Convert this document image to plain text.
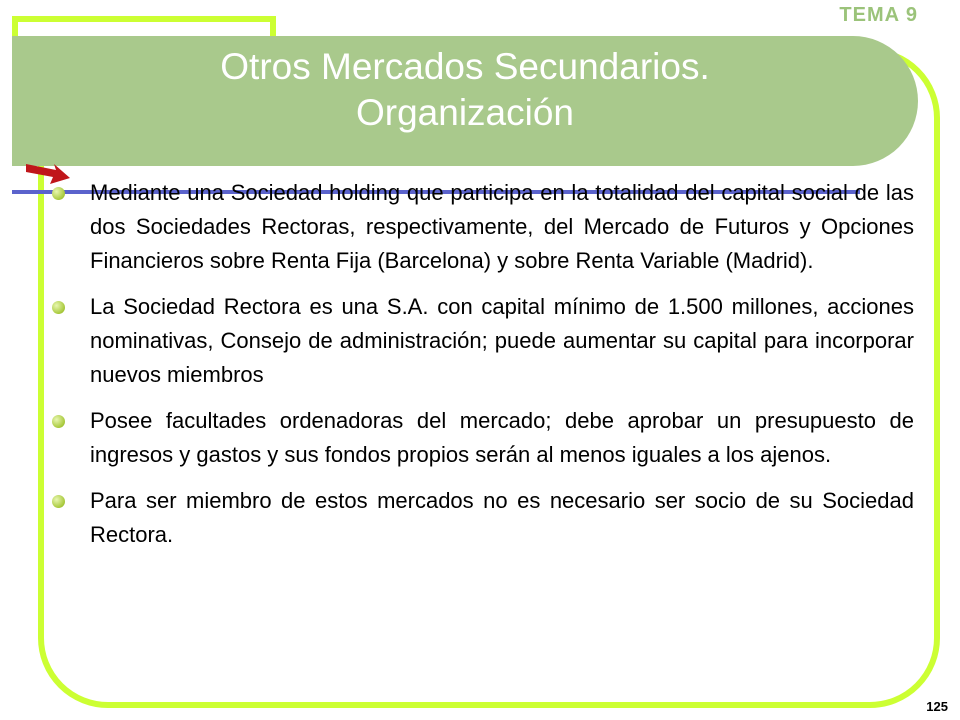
Otros Mercados Secundarios.
Organización
TEMA 9
Mediante una Sociedad holding que participa en la totalidad del capital social de las dos Sociedades Rectoras, respectivamente, del Mercado de Futuros y Opciones Financieros sobre Renta Fija (Barcelona) y sobre Renta Variable (Madrid).
La Sociedad Rectora es una S.A. con capital mínimo de 1.500 millones, acciones nominativas, Consejo de administración; puede aumentar su capital para incorporar nuevos miembros
Posee facultades ordenadoras del mercado; debe aprobar un presupuesto de ingresos y gastos y sus fondos propios serán al menos iguales a los ajenos.
Para ser miembro de estos mercados no es necesario ser socio de su Sociedad Rectora.
125
